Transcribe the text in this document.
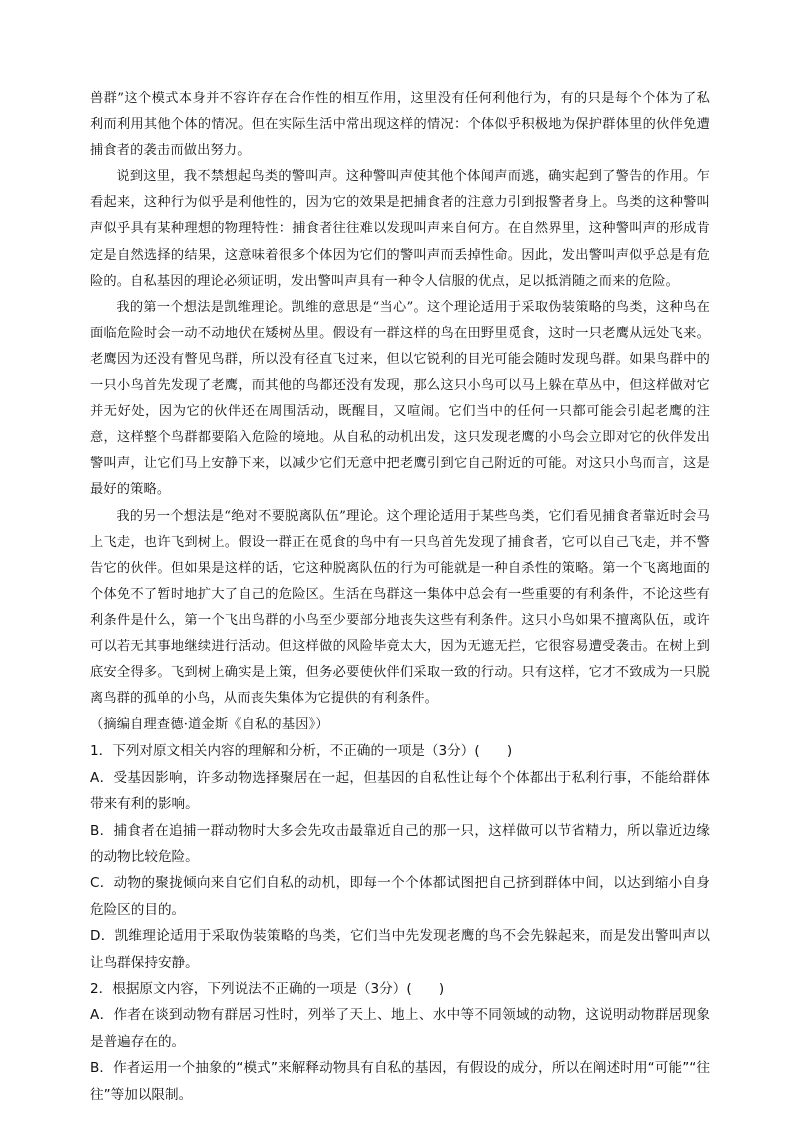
兽群”这个模式本身并不容许存在合作性的相互作用，这里没有任何利他行为，有的只是每个个体为了私利而利用其他个体的情况。但在实际生活中常出现这样的情况：个体似乎积极地为保护群体里的伙伴免遭捕食者的袭击而做出努力。

说到这里，我不禁想起鸟类的警叫声。这种警叫声使其他个体闻声而逃，确实起到了警告的作用。乍看起来，这种行为似乎是利他性的，因为它的效果是把捕食者的注意力引到报警者身上。鸟类的这种警叫声似乎具有某种理想的物理特性：捕食者往往难以发现叫声来自何方。在自然界里，这种警叫声的形成肯定是自然选择的结果，这意味着很多个体因为它们的警叫声而丢掉性命。因此，发出警叫声似乎总是有危险的。自私基因的理论必须证明，发出警叫声具有一种令人信服的优点，足以抵消随之而来的危险。

我的第一个想法是凯维理论。凯维的意思是“当心”。这个理论适用于采取伪装策略的鸟类，这种鸟在面临危险时会一动不动地伏在矮树丛里。假设有一群这样的鸟在田野里觅食，这时一只老鹰从远处飞来。老鹰因为还没有瞥见鸟群，所以没有径直飞过来，但以它锐利的目光可能会随时发现鸟群。如果鸟群中的一只小鸟首先发现了老鹰，而其他的鸟都还没有发现，那么这只小鸟可以马上躲在草丛中，但这样做对它并无好处，因为它的伙伴还在周围活动，既醒目，又喧闹。它们当中的任何一只都可能会引起老鹰的注意，这样整个鸟群都要陷入危险的境地。从自私的动机出发，这只发现老鹰的小鸟会立即对它的伙伴发出警叫声，让它们马上安静下来，以减少它们无意中把老鹰引到它自己附近的可能。对这只小鸟而言，这是最好的策略。

我的另一个想法是“绝对不要脱离队伍”理论。这个理论适用于某些鸟类，它们看见捕食者靠近时会马上飞走，也许飞到树上。假设一群正在觅食的鸟中有一只鸟首先发现了捕食者，它可以自己飞走，并不警告它的伙伴。但如果是这样的话，它这种脱离队伍的行为可能就是一种自杀性的策略。第一个飞离地面的个体免不了暂时地扩大了自己的危险区。生活在鸟群这一集体中总会有一些重要的有利条件，不论这些有利条件是什么，第一个飞出鸟群的小鸟至少要部分地丧失这些有利条件。这只小鸟如果不擅离队伍，或许可以若无其事地继续进行活动。但这样做的风险毕竟太大，因为无遮无拦，它很容易遭受袭击。在树上到底安全得多。飞到树上确实是上策，但务必要使伙伴们采取一致的行动。只有这样，它才不致成为一只脱离鸟群的孤单的小鸟，从而丧失集体为它提供的有利条件。

（摘编自理查德·道金斯《自私的基因》）

1．下列对原文相关内容的理解和分析，不正确的一项是（3分）(　　)

A．受基因影响，许多动物选择聚居在一起，但基因的自私性让每个个体都出于私利行事，不能给群体带来有利的影响。

B．捕食者在追捕一群动物时大多会先攻击最靠近自己的那一只，这样做可以节省精力，所以靠近边缘的动物比较危险。

C．动物的聚拢倾向来自它们自私的动机，即每一个个体都试图把自己挤到群体中间，以达到缩小自身危险区的目的。

D．凯维理论适用于采取伪装策略的鸟类，它们当中先发现老鹰的鸟不会先躲起来，而是发出警叫声以让鸟群保持安静。

2．根据原文内容，下列说法不正确的一项是（3分）(　　)

A．作者在谈到动物有群居习性时，列举了天上、地上、水中等不同领域的动物，这说明动物群居现象是普遍存在的。

B．作者运用一个抽象的“模式”来解释动物具有自私的基因，有假设的成分，所以在阐述时用“可能”“往往”等加以限制。
